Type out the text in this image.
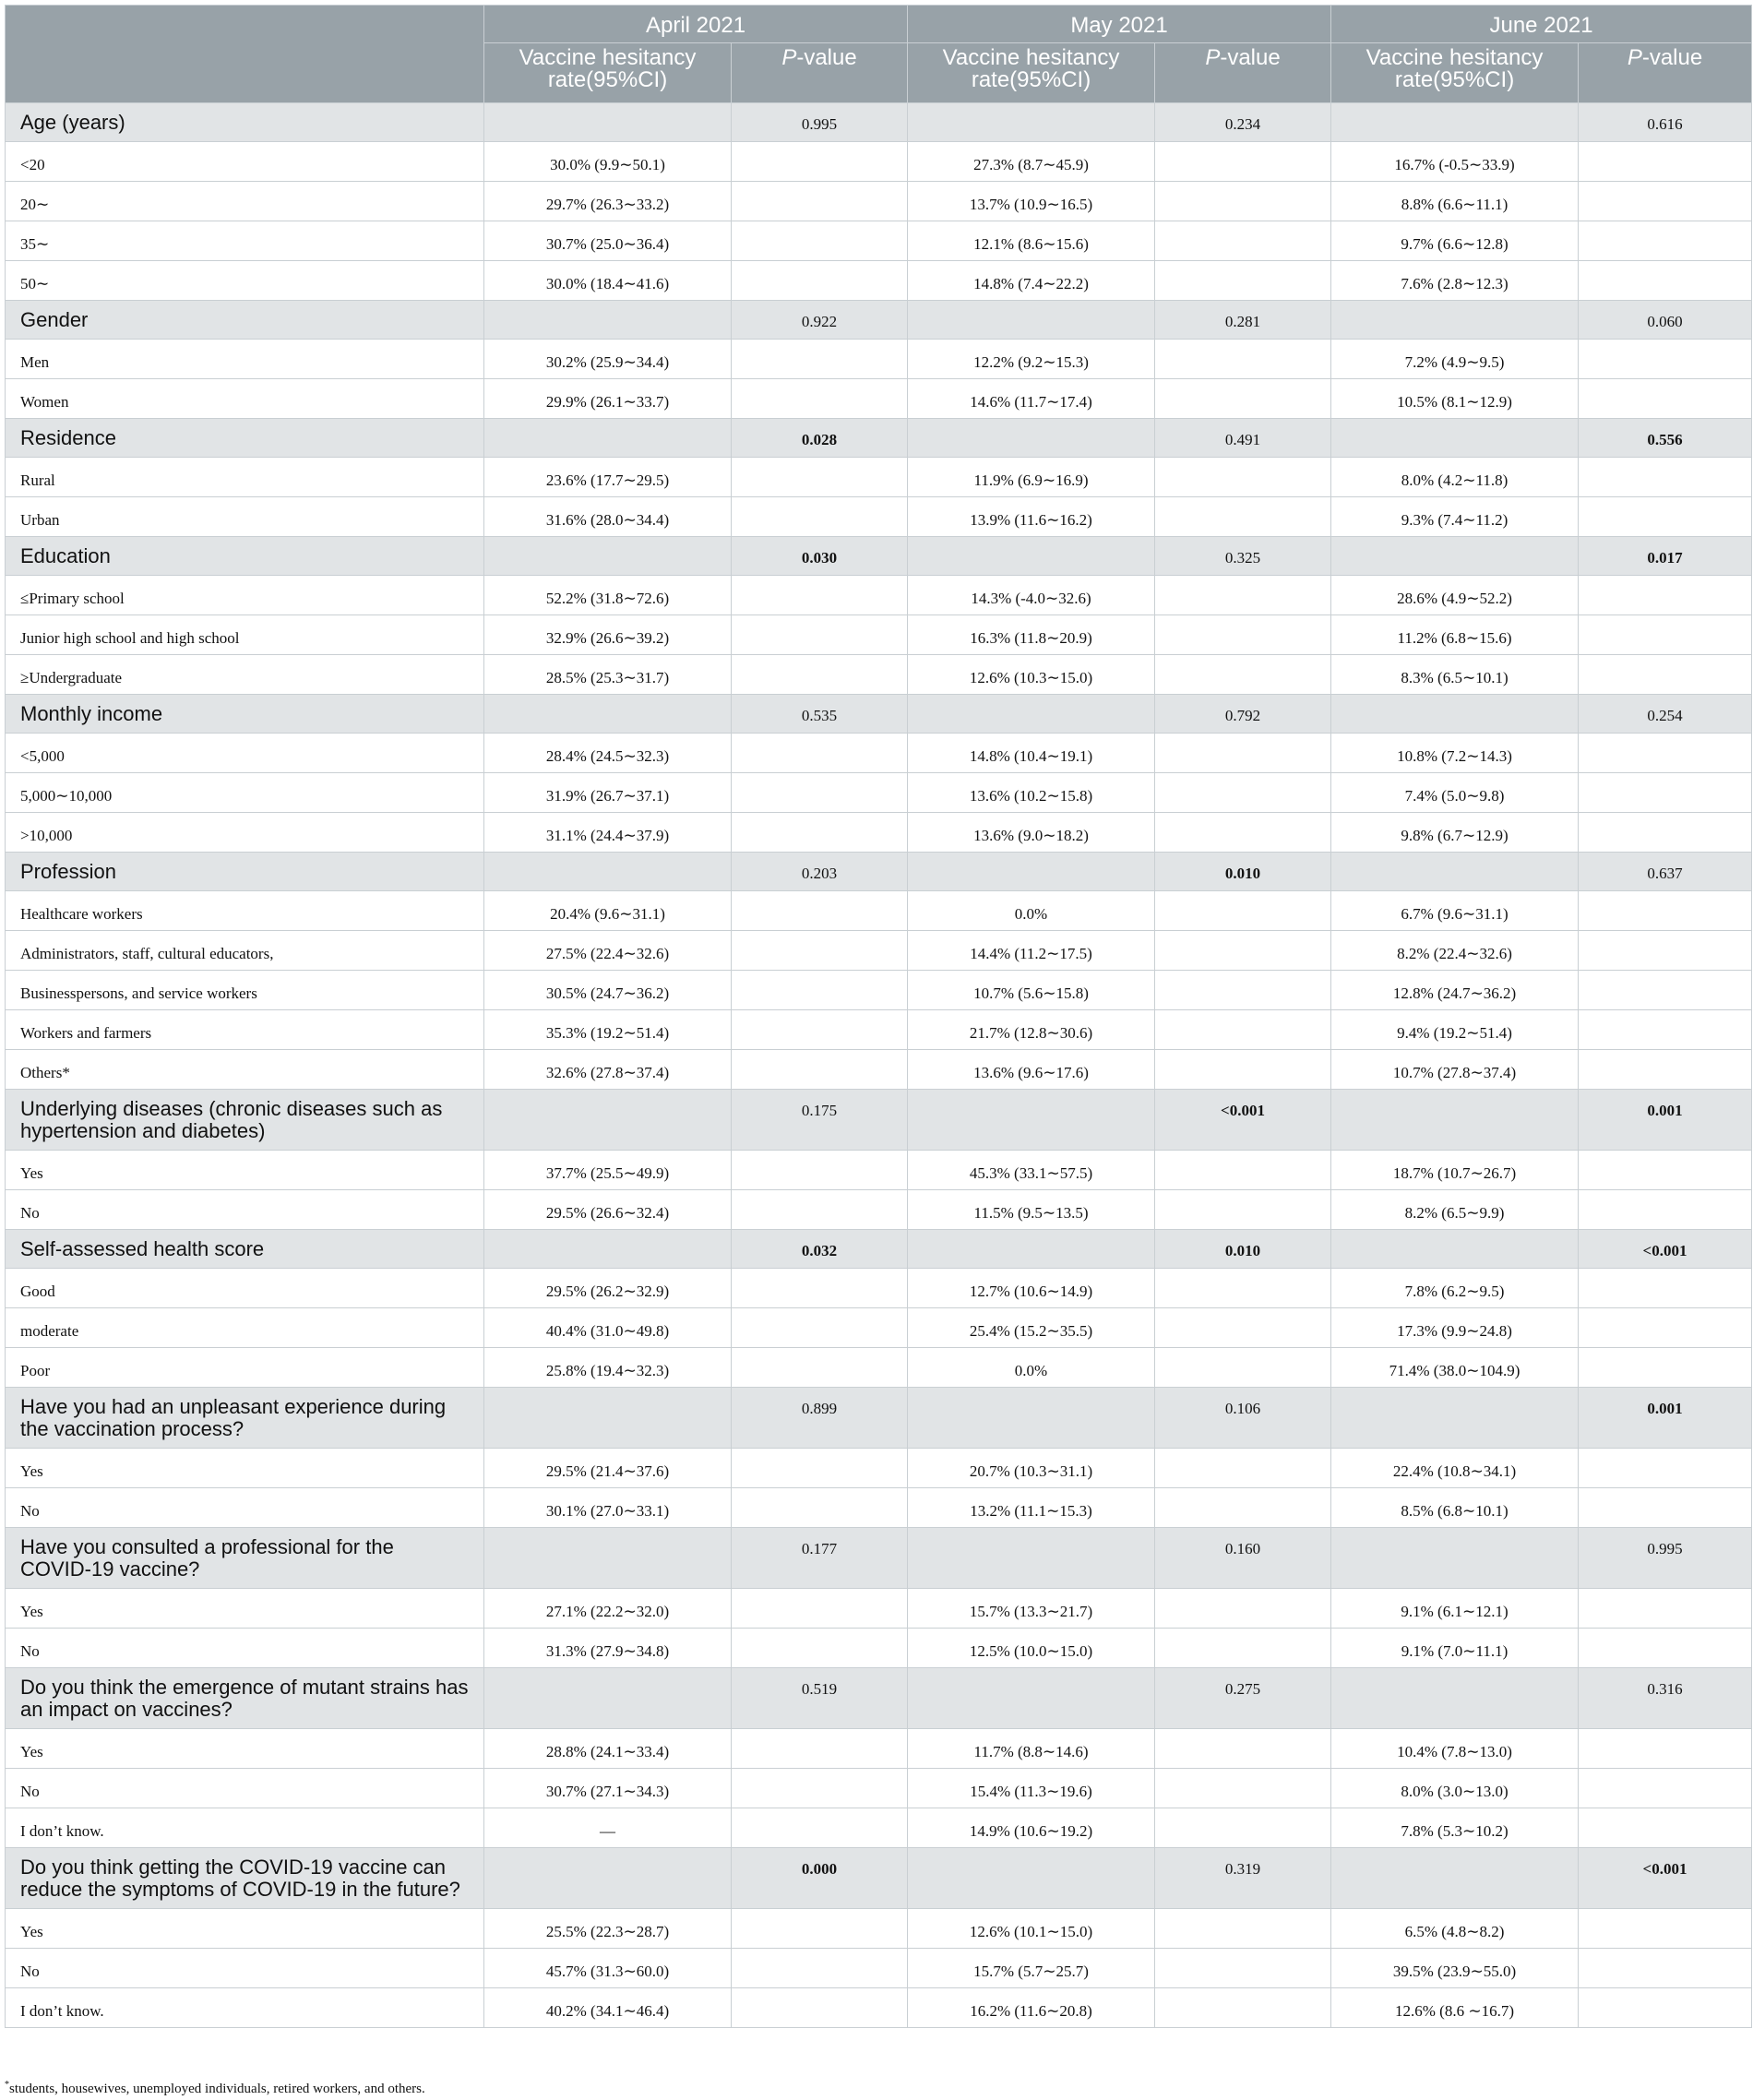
	April 2021		May 2021		June 2021	
	Vaccine hesitancy rate(95%CI)	P-value	Vaccine hesitancy rate(95%CI)	P-value	Vaccine hesitancy rate(95%CI)	P-value
Age (years)		0.995		0.234		0.616
<20	30.0% (9.9∼50.1)		27.3% (8.7∼45.9)		16.7% (-0.5∼33.9)	
20∼	29.7% (26.3∼33.2)		13.7% (10.9∼16.5)		8.8% (6.6∼11.1)	
35∼	30.7% (25.0∼36.4)		12.1% (8.6∼15.6)		9.7% (6.6∼12.8)	
50∼	30.0% (18.4∼41.6)		14.8% (7.4∼22.2)		7.6% (2.8∼12.3)	
Gender		0.922		0.281		0.060
Men	30.2% (25.9∼34.4)		12.2% (9.2∼15.3)		7.2% (4.9∼9.5)	
Women	29.9% (26.1∼33.7)		14.6% (11.7∼17.4)		10.5% (8.1∼12.9)	
Residence		0.028		0.491		0.556
Rural	23.6% (17.7∼29.5)		11.9% (6.9∼16.9)		8.0% (4.2∼11.8)	
Urban	31.6% (28.0∼34.4)		13.9% (11.6∼16.2)		9.3% (7.4∼11.2)	
Education		0.030		0.325		0.017
≤Primary school	52.2% (31.8∼72.6)		14.3% (-4.0∼32.6)		28.6% (4.9∼52.2)	
Junior high school and high school	32.9% (26.6∼39.2)		16.3% (11.8∼20.9)		11.2% (6.8∼15.6)	
≥Undergraduate	28.5% (25.3∼31.7)		12.6% (10.3∼15.0)		8.3% (6.5∼10.1)	
Monthly income		0.535		0.792		0.254
<5,000	28.4% (24.5∼32.3)		14.8% (10.4∼19.1)		10.8% (7.2∼14.3)	
5,000∼10,000	31.9% (26.7∼37.1)		13.6% (10.2∼15.8)		7.4% (5.0∼9.8)	
>10,000	31.1% (24.4∼37.9)		13.6% (9.0∼18.2)		9.8% (6.7∼12.9)	
Profession		0.203		0.010		0.637
Healthcare workers	20.4% (9.6∼31.1)		0.0%		6.7% (9.6∼31.1)	
Administrators, staff, cultural educators,	27.5% (22.4∼32.6)		14.4% (11.2∼17.5)		8.2% (22.4∼32.6)	
Businesspersons, and service workers	30.5% (24.7∼36.2)		10.7% (5.6∼15.8)		12.8% (24.7∼36.2)	
Workers and farmers	35.3% (19.2∼51.4)		21.7% (12.8∼30.6)		9.4% (19.2∼51.4)	
Others*	32.6% (27.8∼37.4)		13.6% (9.6∼17.6)		10.7% (27.8∼37.4)	
Underlying diseases (chronic diseases such as hypertension and diabetes)		0.175		<0.001		0.001
Yes	37.7% (25.5∼49.9)		45.3% (33.1∼57.5)		18.7% (10.7∼26.7)	
No	29.5% (26.6∼32.4)		11.5% (9.5∼13.5)		8.2% (6.5∼9.9)	
Self-assessed health score		0.032		0.010		<0.001
Good	29.5% (26.2∼32.9)		12.7% (10.6∼14.9)		7.8% (6.2∼9.5)	
moderate	40.4% (31.0∼49.8)		25.4% (15.2∼35.5)		17.3% (9.9∼24.8)	
Poor	25.8% (19.4∼32.3)		0.0%		71.4% (38.0∼104.9)	
Have you had an unpleasant experience during the vaccination process?		0.899		0.106		0.001
Yes	29.5% (21.4∼37.6)		20.7% (10.3∼31.1)		22.4% (10.8∼34.1)	
No	30.1% (27.0∼33.1)		13.2% (11.1∼15.3)		8.5% (6.8∼10.1)	
Have you consulted a professional for the COVID-19 vaccine?		0.177		0.160		0.995
Yes	27.1% (22.2∼32.0)		15.7% (13.3∼21.7)		9.1% (6.1∼12.1)	
No	31.3% (27.9∼34.8)		12.5% (10.0∼15.0)		9.1% (7.0∼11.1)	
Do you think the emergence of mutant strains has an impact on vaccines?		0.519		0.275		0.316
Yes	28.8% (24.1∼33.4)		11.7% (8.8∼14.6)		10.4% (7.8∼13.0)	
No	30.7% (27.1∼34.3)		15.4% (11.3∼19.6)		8.0% (3.0∼13.0)	
I don’t know.	—		14.9% (10.6∼19.2)		7.8% (5.3∼10.2)	
Do you think getting the COVID-19 vaccine can reduce the symptoms of COVID-19 in the future?		0.000		0.319		<0.001
Yes	25.5% (22.3∼28.7)		12.6% (10.1∼15.0)		6.5% (4.8∼8.2)	
No	45.7% (31.3∼60.0)		15.7% (5.7∼25.7)		39.5% (23.9∼55.0)	
I don’t know.	40.2% (34.1∼46.4)		16.2% (11.6∼20.8)		12.6% (8.6 ∼16.7)	
*students, housewives, unemployed individuals, retired workers, and others.
